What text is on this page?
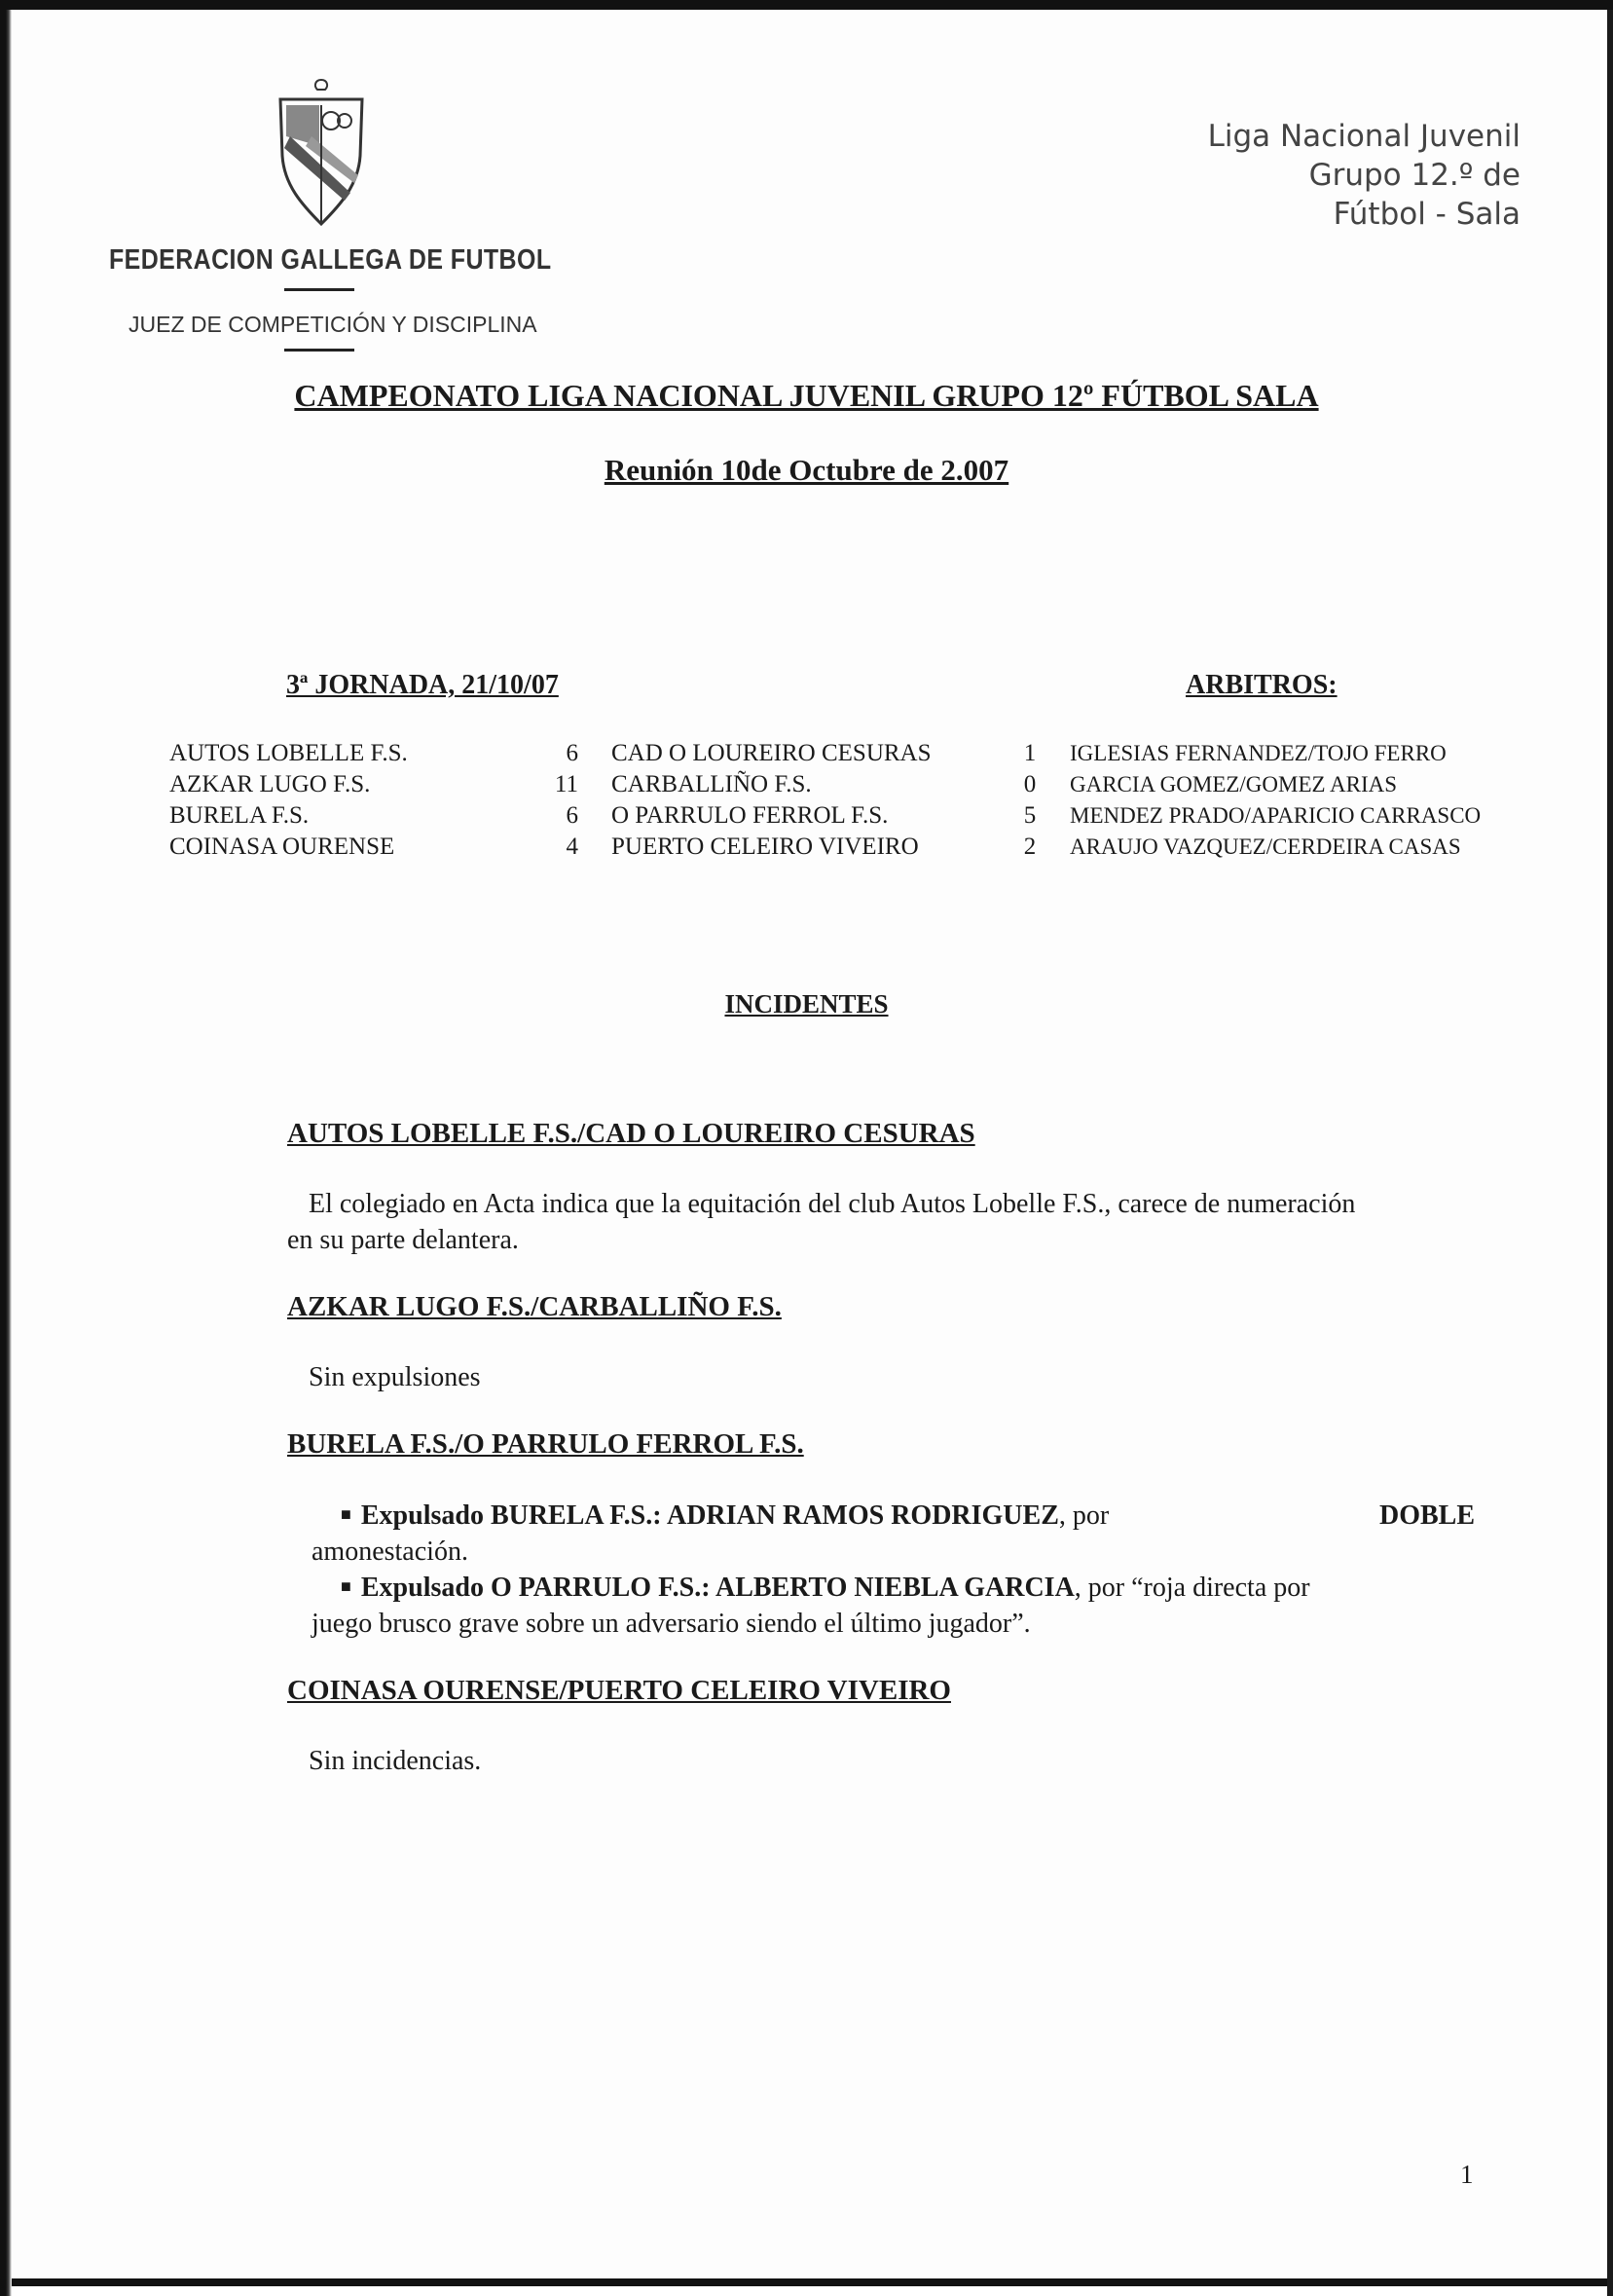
FEDERACION GALLEGA DE FUTBOL
JUEZ DE COMPETICIÓN Y DISCIPLINA
Liga Nacional Juvenil
Grupo 12.º de
Fútbol - Sala
CAMPEONATO LIGA NACIONAL JUVENIL GRUPO 12º FÚTBOL SALA
Reunión 10de Octubre de 2.007
3ª JORNADA, 21/10/07	ARBITROS:
AUTOS LOBELLE F.S.	6 CAD O LOUREIRO CESURAS	1 IGLESIAS FERNANDEZ/TOJO FERRO
AZKAR LUGO F.S.	11 CARBALLIÑO F.S.	0 GARCIA GOMEZ/GOMEZ ARIAS
BURELA F.S.	6 O PARRULO FERROL F.S.	5 MENDEZ PRADO/APARICIO CARRASCO
COINASA OURENSE	4 PUERTO CELEIRO VIVEIRO	2 ARAUJO VAZQUEZ/CERDEIRA CASAS
INCIDENTES
AUTOS LOBELLE F.S./CAD O LOUREIRO CESURAS
El colegiado en Acta indica que la equitación del club Autos Lobelle F.S., carece de numeración
en su parte delantera.
AZKAR LUGO F.S./CARBALLIÑO F.S.
Sin expulsiones
BURELA F.S./O PARRULO FERROL F.S.
■ Expulsado BURELA F.S.: ADRIAN RAMOS RODRIGUEZ, por	DOBLE
amonestación.
■ Expulsado O PARRULO F.S.: ALBERTO NIEBLA GARCIA, por “roja directa por
juego brusco grave sobre un adversario siendo el último jugador”.
COINASA OURENSE/PUERTO CELEIRO VIVEIRO
Sin incidencias.
1
